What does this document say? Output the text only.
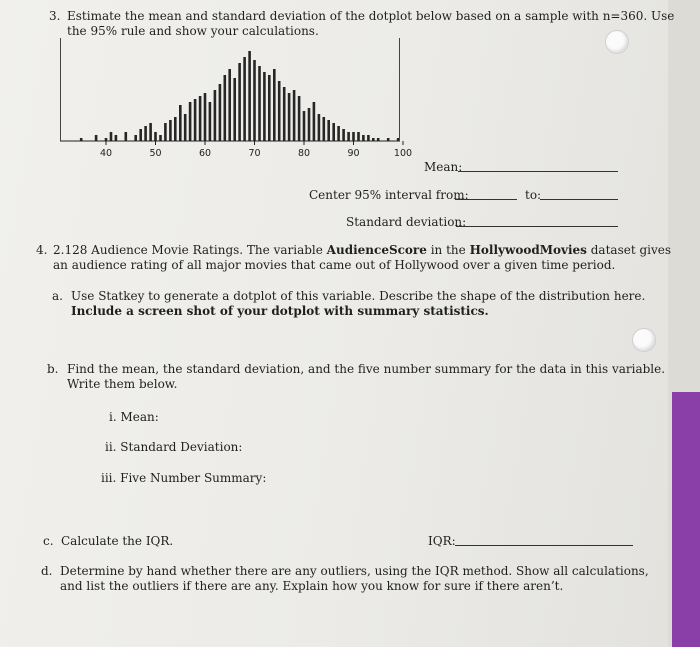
3. Estimate the mean and standard deviation of the dotplot below based on a sample with n=360. Use
the 95% rule and show your calculations.
40	50	60	70	80	90	100
Mean:
Center 95% interval from:	to:
Standard deviation:
4. 2.128 Audience Movie Ratings. The variable AudienceScore in the HollywoodMovies dataset gives
an audience rating of all major movies that came out of Hollywood over a given time period.
a. Use Statkey to generate a dotplot of this variable. Describe the shape of the distribution here.
Include a screen shot of your dotplot with summary statistics.
b. Find the mean, the standard deviation, and the five number summary for the data in this variable.
Write them below.
i. Mean:
ii. Standard Deviation:
iii. Five Number Summary:
c. Calculate the IQR.	IQR:
d. Determine by hand whether there are any outliers, using the IQR method. Show all calculations,
and list the outliers if there are any. Explain how you know for sure if there aren’t.
